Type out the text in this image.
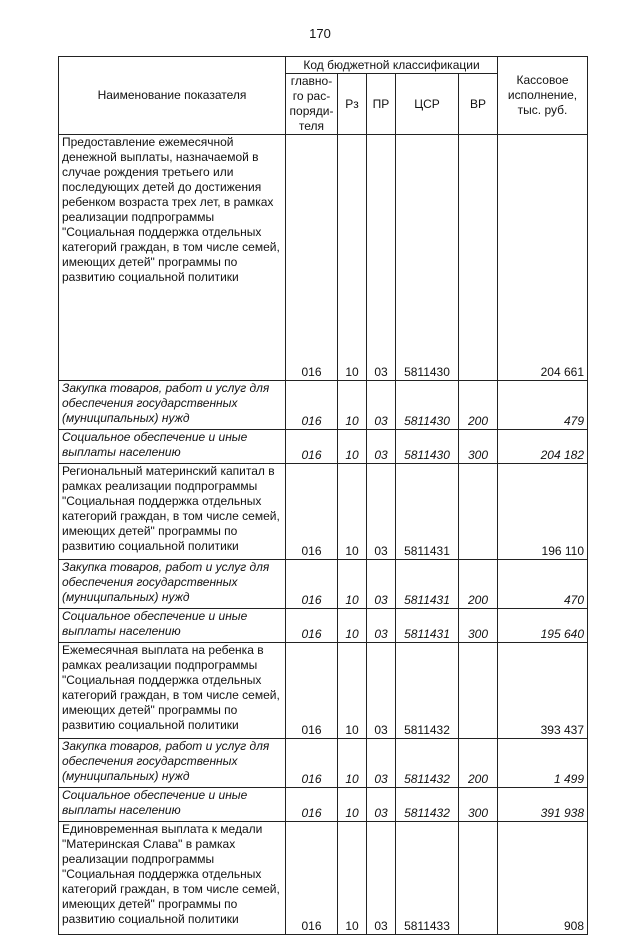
170
Наименование показателя	Код бюджетной классификации					Кассовое исполнение, тыс. руб.
	главно-го рас-поряди-теля	Рз	ПР	ЦСР	ВР	
Предоставление ежемесячной денежной выплаты, назначаемой в случае рождения третьего или последующих детей до достижения ребенком возраста трех лет, в рамках реализации подпрограммы "Социальная поддержка отдельных категорий граждан, в том числе семей, имеющих детей" программы по развитию социальной политики	016	10	03	5811430		204 661
Закупка товаров, работ и услуг для обеспечения государственных (муниципальных) нужд	016	10	03	5811430	200	479
Социальное обеспечение и иные выплаты населению	016	10	03	5811430	300	204 182
Региональный материнский капитал в рамках реализации подпрограммы "Социальная поддержка отдельных категорий граждан, в том числе семей, имеющих детей" программы по развитию социальной политики	016	10	03	5811431		196 110
Закупка товаров, работ и услуг для обеспечения государственных (муниципальных) нужд	016	10	03	5811431	200	470
Социальное обеспечение и иные выплаты населению	016	10	03	5811431	300	195 640
Ежемесячная выплата на ребенка в рамках реализации подпрограммы "Социальная поддержка отдельных категорий граждан, в том числе семей, имеющих детей" программы по развитию социальной политики	016	10	03	5811432		393 437
Закупка товаров, работ и услуг для обеспечения государственных (муниципальных) нужд	016	10	03	5811432	200	1 499
Социальное обеспечение и иные выплаты населению	016	10	03	5811432	300	391 938
Единовременная выплата к медали "Материнская Слава" в рамках реализации подпрограммы "Социальная поддержка отдельных категорий граждан, в том числе семей, имеющих детей" программы по развитию социальной политики	016	10	03	5811433		908
